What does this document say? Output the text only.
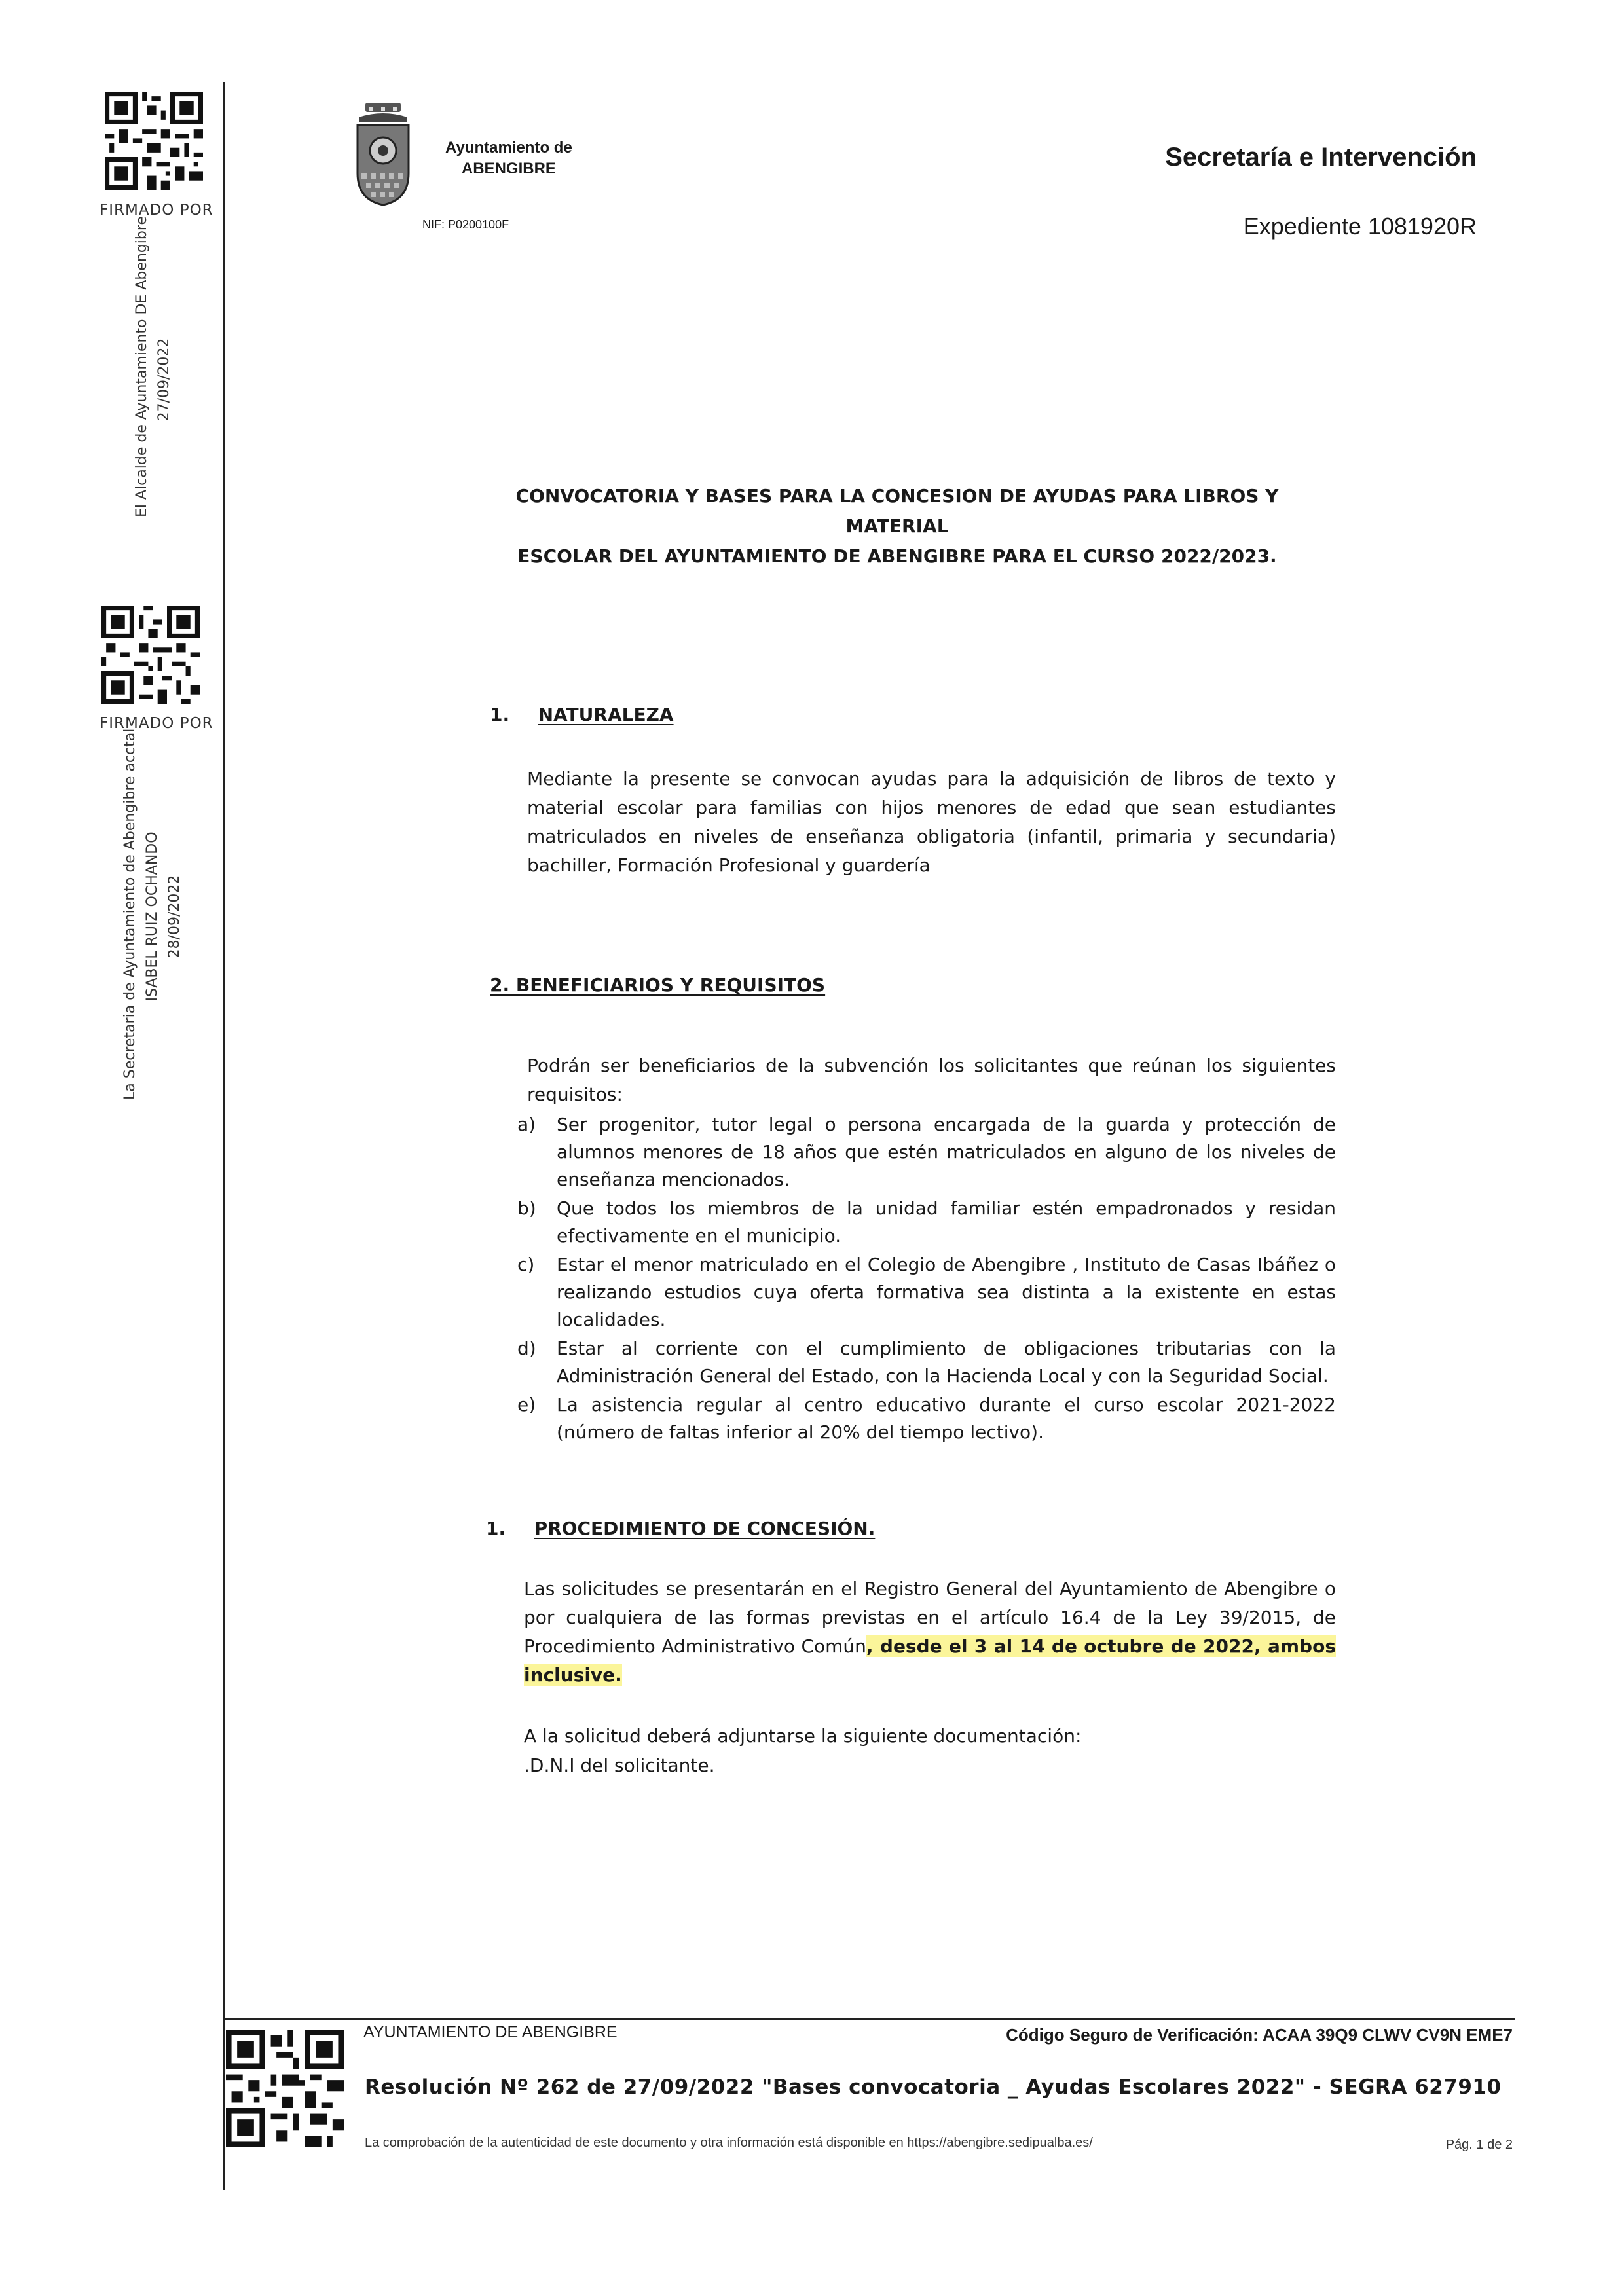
FIRMADO POR
El Alcalde de Ayuntamiento DE Abengibre 27/09/2022
FIRMADO POR
La Secretaria de Ayuntamiento de Abengibre acctal ISABEL RUIZ OCHANDO 28/09/2022
Ayuntamiento de
ABENGIBRE
NIF: P0200100F
Secretaría e Intervención
Expediente 1081920R
CONVOCATORIA Y BASES PARA LA CONCESION DE AYUDAS PARA LIBROS Y MATERIAL
ESCOLAR DEL AYUNTAMIENTO DE ABENGIBRE PARA EL CURSO 2022/2023.
1. NATURALEZA
Mediante la presente se convocan ayudas para la adquisición de libros de texto y material escolar para familias con hijos menores de edad que sean estudiantes matriculados en niveles de enseñanza obligatoria (infantil, primaria y secundaria) bachiller, Formación Profesional y guardería
2. BENEFICIARIOS Y REQUISITOS
Podrán ser beneficiarios de la subvención los solicitantes que reúnan los siguientes requisitos:
a)	Ser progenitor, tutor legal o persona encargada de la guarda y protección de alumnos menores de 18 años que estén matriculados en alguno de los niveles de enseñanza mencionados.
b)	Que todos los miembros de la unidad familiar estén empadronados y residan efectivamente en el municipio.
c)	Estar el menor matriculado en el Colegio de Abengibre , Instituto de Casas Ibáñez o realizando estudios cuya oferta formativa sea distinta a la existente en estas localidades.
d)	Estar al corriente con el cumplimiento de obligaciones tributarias con la Administración General del Estado, con la Hacienda Local y con la Seguridad Social.
e)	La asistencia regular al centro educativo durante el curso escolar 2021-2022 (número de faltas inferior al 20% del tiempo lectivo).
1. PROCEDIMIENTO DE CONCESIÓN.
Las solicitudes se presentarán en el Registro General del Ayuntamiento de Abengibre o por cualquiera de las formas previstas en el artículo 16.4 de la Ley 39/2015, de Procedimiento Administrativo Común, desde el 3 al 14 de octubre de 2022, ambos inclusive.
A la solicitud deberá adjuntarse la siguiente documentación:
.D.N.I del solicitante.
AYUNTAMIENTO DE ABENGIBRE	Código Seguro de Verificación: ACAA 39Q9 CLWV CV9N EME7
Resolución Nº 262 de 27/09/2022 "Bases convocatoria _ Ayudas Escolares 2022" - SEGRA 627910
La comprobación de la autenticidad de este documento y otra información está disponible en https://abengibre.sedipualba.es/	Pág. 1 de 2
